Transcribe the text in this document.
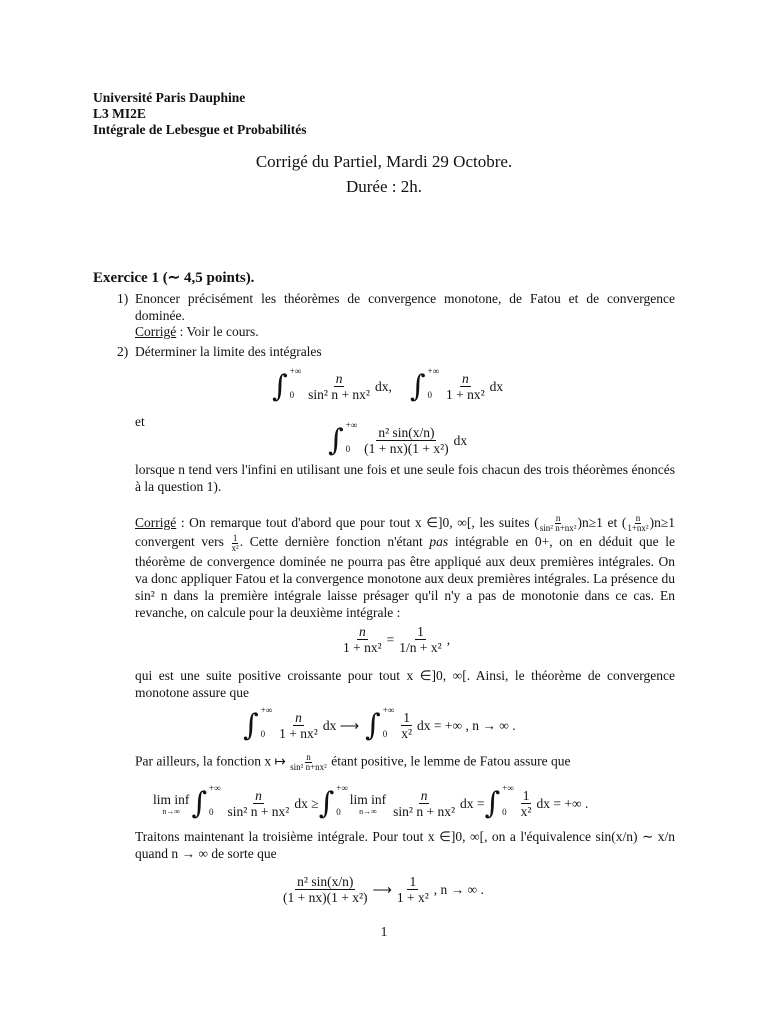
Université Paris Dauphine
L3 MI2E
Intégrale de Lebesgue et Probabilités
Corrigé du Partiel, Mardi 29 Octobre.
Durée : 2h.
Exercice 1 (∼ 4,5 points).
1) Enoncer précisément les théorèmes de convergence monotone, de Fatou et de convergence dominée.
Corrigé : Voir le cours.
2) Déterminer la limite des intégrales
∫ +∞
$0 \frac{n}{\text{sin² n + nx²}}$ dx, ∫ +∞
$0 \frac{n}{\text{1 + nx²}}$ dx
et
∫ +∞
$0 \frac{\text{n² sin(x/n)}}{\text{(1 + nx)(1 + x²)}}$ dx
lorsque n tend vers l'infini en utilisant une fois et une seule fois chacun des trois théorèmes énoncés à la question 1).
Corrigé : On remarque tout d'abord que pour tout x ∈]0, ∞[, les suites ( $\frac{n}{\text{sin² n+nx²}} )n\ge 1$ et ( $\frac{n}{\text{1+nx²}} )n\ge 1$ convergent vers $\frac{1}{\text{x²}}$ . Cette dernière fonction n'étant pas intégrable en 0+, on en déduit que le théorème de convergence dominée ne pourra pas être appliqué aux deux premières intégrales. On va donc appliquer Fatou et la convergence monotone aux deux premières intégrales. La présence du sin² n dans la première intégrale laisse présager qu'il n'y a pas de monotonie dans ce cas. En revanche, on calcule pour la deuxième intégrale :
$\frac{n}{\text{1 + nx²}} = \frac{1}{\text{1/n + x²}}$ ,
qui est une suite positive croissante pour tout x ∈]0, ∞[. Ainsi, le théorème de convergence monotone assure que
∫ +∞
$0 \frac{n}{\text{1 + nx²}}$ dx ⟶ ∫ +∞
$0 \frac{1}{\text{x²}}$ dx = +∞ , n → ∞ .
Par ailleurs, la fonction x ↦ $\frac{n}{\text{sin² n+nx²}}$ étant positive, le lemme de Fatou assure que
lim inf
n→∞ ∫ +∞
$0 \frac{n}{\text{sin² n + nx²}}$ dx ≥ ∫ +∞
0
lim inf
$n\to\infty \frac{n}{\text{sin² n + nx²}}$ dx = ∫ +∞
$0 \frac{1}{\text{x²}}$ dx = +∞ .
Traitons maintenant la troisième intégrale. Pour tout x ∈]0, ∞[, on a l'équivalence sin(x/n) ∼ x/n quand n → ∞ de sorte que
$\frac{\text{n² sin(x/n)}}{\text{(1 + nx)(1 + x²)}}$ ⟶ $\frac{1}{\text{1 + x²}}$ , n → ∞ .
1
